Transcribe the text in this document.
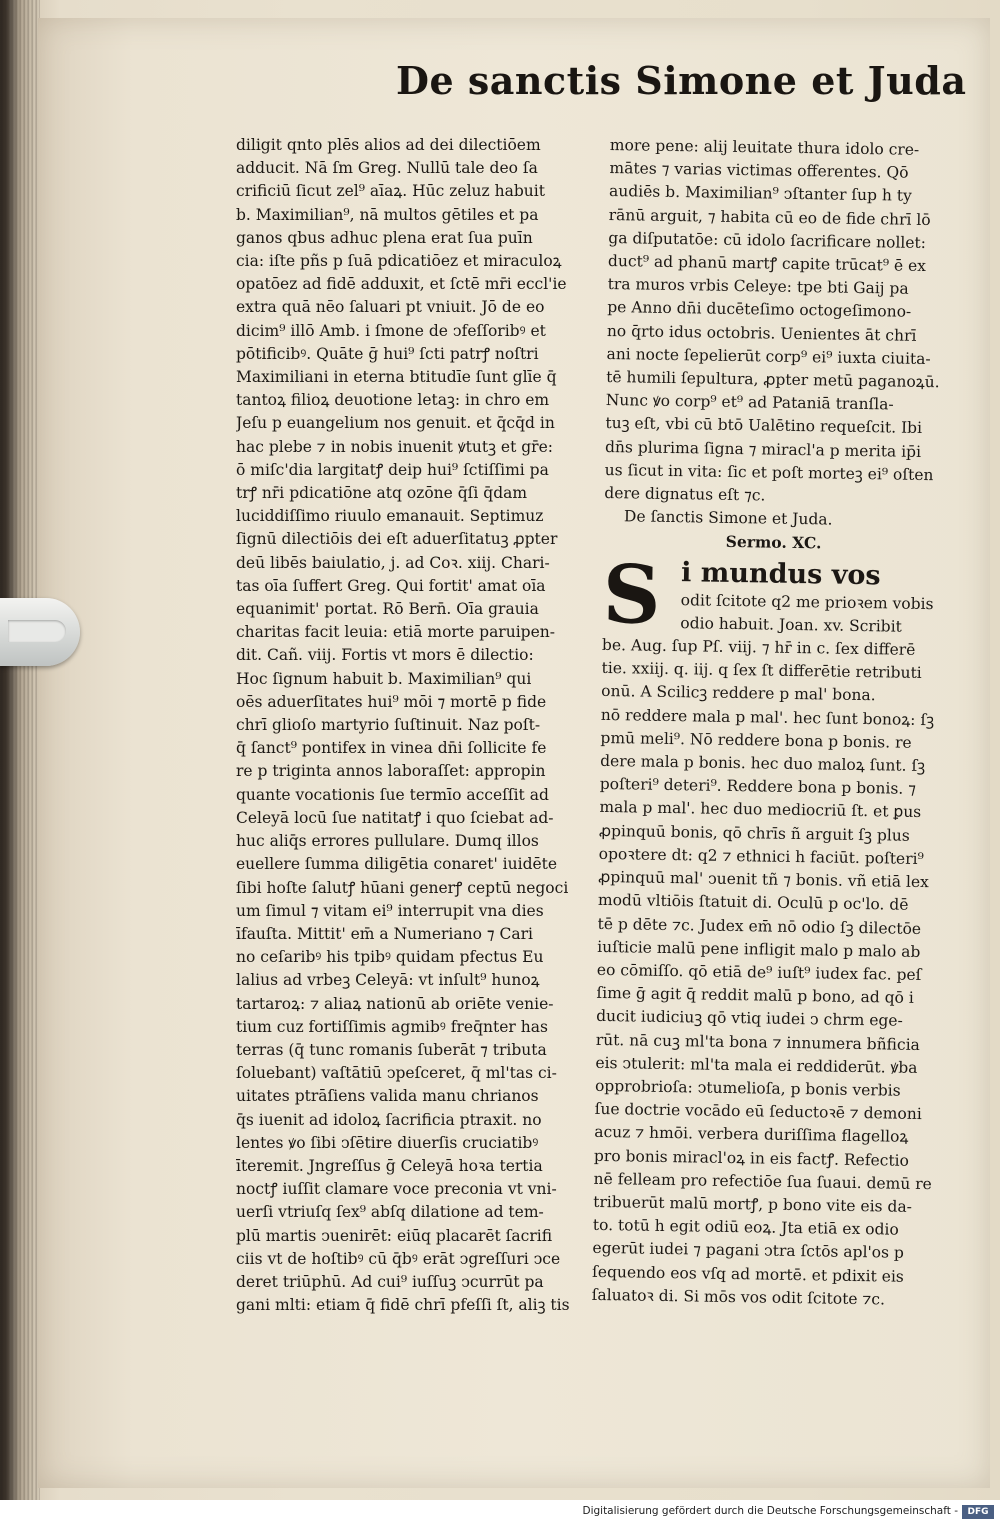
De sanctis Simone et Juda
diligit qnto plēs alios ad dei dilectiōem
adducit. Nā ſm Greg. Nullū tale deo ſa
crificiū ſicut zel⁹ aīaꝝ. Hūc zeluz habuit
b. Maximilian⁹, nā multos gētiles et pa
ganos qbus adhuc plena erat ſua puīn
cia: iſte pñs p ſuā pdicatiōez et miraculoꝝ
opatōez ad fidē adduxit, et ſctē mr̄i eccl'ie
extra quā nēo ſaluari pt vniuit. Jō de eo
dicim⁹ illō Amb. i ſmone de ↄfeſſoribꝰ et
pōtificibꝰ. Quāte ḡ hui⁹ ſcti patrꝭ noſtri
Maximiliani in eterna btitudīe ſunt glīe q̄
tantoꝝ filioꝝ deuotione letaꝫ: in chro em
Jeſu p euangelium nos genuit. et q̄cq̄d in
hac plebe ⁊ in nobis inuenit ꝟtutꝫ et gr̄e:
ō miſc'dia largitatꝭ deip hui⁹ ſctiſſimi pa
trꝭ nr̄i pdicatiōne atq ozōne q̄ſi q̄dam
luciddiſſimo riuulo emanauit. Septimuz
ſignū dilectiōis dei eſt aduerſitatuꝫ ꝓpter
deū libēs baiulatio, j. ad Coꝛ. xiij. Chari-
tas oīa ſuffert Greg. Qui fortit' amat oīa
equanimit' portat. Rō Bern̄. Oīa grauia
charitas facit leuia: etiā morte paruipen-
dit. Cañ. viij. Fortis vt mors ē dilectio:
Hoc ſignum habuit b. Maximilian⁹ qui
oēs aduerſitates hui⁹ mōi ⁊ mortē p fide
chrī glioſo martyrio ſuſtinuit. Naz poſt-
q̄ ſanct⁹ pontifex in vinea dn̄i ſollicite fe
re p triginta annos laboraſſet: appropin
quante vocationis ſue termīo acceſſit ad
Celeyā locū ſue natitatꝭ i quo ſciebat ad-
huc aliq̄s errores pullulare. Dumq illos
euellere ſumma diligētia conaret' iuidēte
ſibi hoſte ſalutꝭ hūani generꝭ ceptū negoci
um ſimul ⁊ vitam ei⁹ interrupit vna dies
īfauſta. Mittit' em̄ a Numeriano ⁊ Cari
no ceſaribꝰ his tpibꝰ quidam pfectus Eu
lalius ad vrbeꝫ Celeyā: vt inſult⁹ hunoꝝ
tartaroꝝ: ⁊ aliaꝝ nationū ab oriēte venie-
tium cuz fortiſſimis agmibꝰ freq̄nter has
terras (q̄ tunc romanis ſuberāt ⁊ tributa
ſoluebant) vaſtātiū ↄpeſceret, q̄ ml'tas ci-
uitates ptrāſiens valida manu chrianos
q̄s iuenit ad idoloꝝ ſacrificia ptraxit. no
lentes ꝟo ſibi ↄſētire diuerſis cruciatibꝰ
īteremit. Jngreſſus ḡ Celeyā hoꝛa tertia
noctꝭ iuſſit clamare voce preconia vt vni-
uerſi vtriuſq ſex⁹ abſq dilatione ad tem-
plū martis ↄuenirēt: eiūq placarēt ſacrifi
ciis vt de hoſtibꝰ cū q̄bꝰ erāt ↄgreſſuri ↄce
deret triūphū. Ad cui⁹ iuſſuꝫ ↄcurrūt pa
gani mlti: etiam q̄ fidē chrī pfeſſi ſt, aliꝫ tis
more pene: alij leuitate thura idolo cre-
mātes ⁊ varias victimas offerentes. Qō
audiēs b. Maximilian⁹ ↄſtanter ſup h ty
rānū arguit, ⁊ habita cū eo de fide chrī lō
ga diſputatōe: cū idolo ſacrificare nollet:
duct⁹ ad phanū martꝭ capite trūcat⁹ ē ex
tra muros vrbis Celeye: tpe bti Gaij pa
pe Anno dn̄i ducēteſimo octogeſimono-
no q̄rto idus octobris. Uenientes āt chrī
ani nocte ſepelierūt corp⁹ ei⁹ iuxta ciuita-
tē humili ſepultura, ꝓpter metū paganoꝝū.
Nunc ꝟo corp⁹ et⁹ ad Pataniā tranſla-
tuꝫ eſt, vbi cū btō Ualētino requeſcit. Ibi
dn̄s plurima ſigna ⁊ miracl'a p merita ip̄i
us ſicut in vita: ſic et poſt morteꝫ ei⁹ oſten
dere dignatus eſt ⁊c.
De ſanctis Simone et Juda.
Sermo. XC.
S i mundus vos
odit ſcitote q2 me prioꝛem vobis
odio habuit. Joan. xv. Scribit
be. Aug. ſup Pſ. viij. ⁊ hr̄ in c. ſex differē
tie. xxiij. q. iij. q ſex ſt differētie retributi
onū. A Scilicꝫ reddere p mal' bona.
nō reddere mala p mal'. hec ſunt bonoꝝ: ſꝫ
pmū meli⁹. Nō reddere bona p bonis. re
dere mala p bonis. hec duo maloꝝ ſunt. ſꝫ
poſteri⁹ deteri⁹. Reddere bona p bonis. ⁊
mala p mal'. hec duo mediocriū ſt. et ꝑus
ꝓpinquū bonis, qō chrīs ñ arguit ſꝫ plus
opoꝛtere dt: q2 ⁊ ethnici h faciūt. poſteri⁹
ꝓpinquū mal' ↄuenit tñ ⁊ bonis. vñ etiā lex
modū vltiōis ſtatuit di. Oculū p oc'lo. dē
tē p dēte ⁊c. Judex em̄ nō odio ſꝫ dilectōe
iuſticie malū pene infligit malo p malo ab
eo cōmiſſo. qō etiā de⁹ iuſt⁹ iudex fac. peſ
ſime ḡ agit q̄ reddit malū p bono, ad qō i
ducit iudiciuꝫ qō vtiq iudei ↄ chrm ege-
rūt. nā cuꝫ ml'ta bona ⁊ innumera bñficia
eis ↄtulerit: ml'ta mala ei reddiderūt. ꝟba
opprobrioſa: ↄtumelioſa, p bonis verbis
ſue doctrie vocādo eū ſeductoꝛē ⁊ demoni
acuz ⁊ hmōi. verbera duriſſima flagelloꝝ
pro bonis miracl'oꝝ in eis factꝭ. Refectio
nē felleam pro refectiōe ſua ſuaui. demū re
tribuerūt malū mortꝭ, p bono vite eis da-
to. totū h egit odiū eoꝝ. Jta etiā ex odio
egerūt iudei ⁊ pagani ↄtra ſctōs apl'os p
ſequendo eos vſq ad mortē. et pdixit eis
ſaluatoꝛ di. Si mōs vos odit ſcitote ⁊c.
Digitalisierung gefördert durch die Deutsche Forschungsgemeinschaft -	DFG
